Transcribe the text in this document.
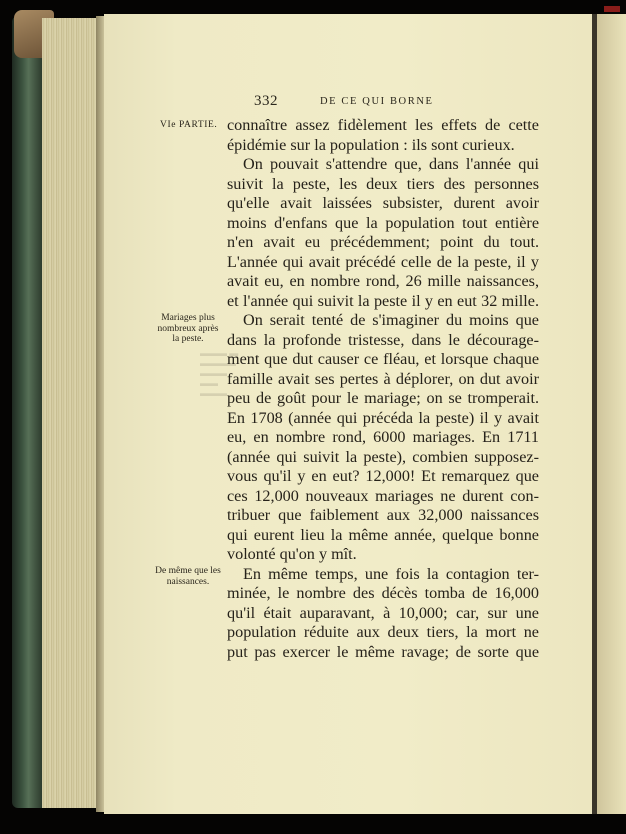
▬▬▬ ▬
▬▬▬▬
▬▬▬ ▬▬
▬▬▬
332	DE CE QUI BORNE
VIe PARTIE.
Mariages plus nombreux après la peste.
De même que les naissances.
connaître assez fidèlement les effets de cette
épidémie sur la population : ils sont curieux.
On pouvait s'attendre que, dans l'année qui
suivit la peste, les deux tiers des personnes
qu'elle avait laissées subsister, durent avoir
moins d'enfans que la population tout entière
n'en avait eu précédemment; point du tout.
L'année qui avait précédé celle de la peste, il y
avait eu, en nombre rond, 26 mille naissances,
et l'année qui suivit la peste il y en eut 32 mille.
On serait tenté de s'imaginer du moins que
dans la profonde tristesse, dans le décourage-
ment que dut causer ce fléau, et lorsque chaque
famille avait ses pertes à déplorer, on dut avoir
peu de goût pour le mariage; on se tromperait.
En 1708 (année qui précéda la peste) il y avait
eu, en nombre rond, 6000 mariages. En 1711
(année qui suivit la peste), combien supposez-
vous qu'il y en eut? 12,000! Et remarquez que
ces 12,000 nouveaux mariages ne durent con-
tribuer que faiblement aux 32,000 naissances
qui eurent lieu la même année, quelque bonne
volonté qu'on y mît.
En même temps, une fois la contagion ter-
minée, le nombre des décès tomba de 16,000
qu'il était auparavant, à 10,000; car, sur une
population réduite aux deux tiers, la mort ne
put pas exercer le même ravage; de sorte que
